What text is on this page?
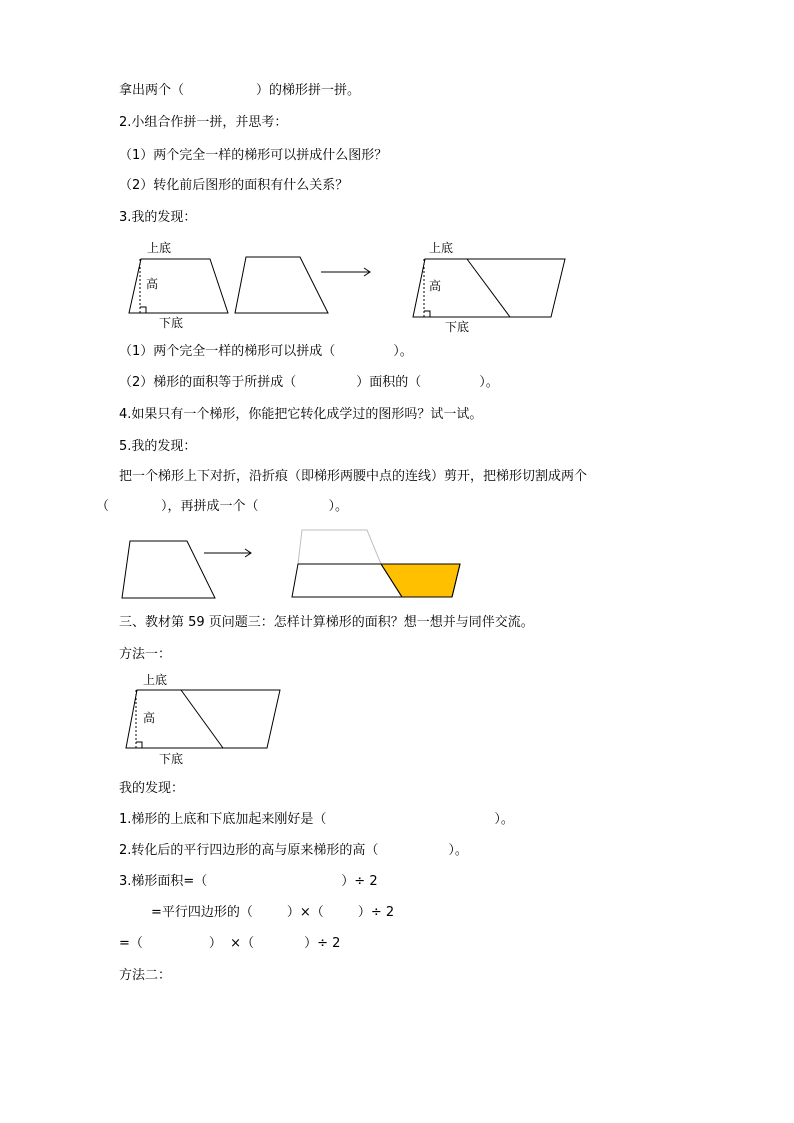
拿出两个（	）的梯形拼一拼。
2.小组合作拼一拼，并思考：
（1）两个完全一样的梯形可以拼成什么图形？
（2）转化前后图形的面积有什么关系？
3.我的发现：
上底
高
下底
上底
高
下底
（1）两个完全一样的梯形可以拼成（	）。
（2）梯形的面积等于所拼成（	）面积的（	）。
4.如果只有一个梯形，你能把它转化成学过的图形吗？试一试。
5.我的发现：
把一个梯形上下对折，沿折痕（即梯形两腰中点的连线）剪开，把梯形切割成两个
（	），再拼成一个（	）。
三、教材第 59 页问题三：怎样计算梯形的面积？想一想并与同伴交流。
方法一：
上底
高
下底
我的发现：
1.梯形的上底和下底加起来刚好是（	）。
2.转化后的平行四边形的高与原来梯形的高（	）。
3.梯形面积=（	）÷ 2
=平行四边形的（	）×（	）÷ 2
=（	）  ×（	）÷ 2
方法二：
